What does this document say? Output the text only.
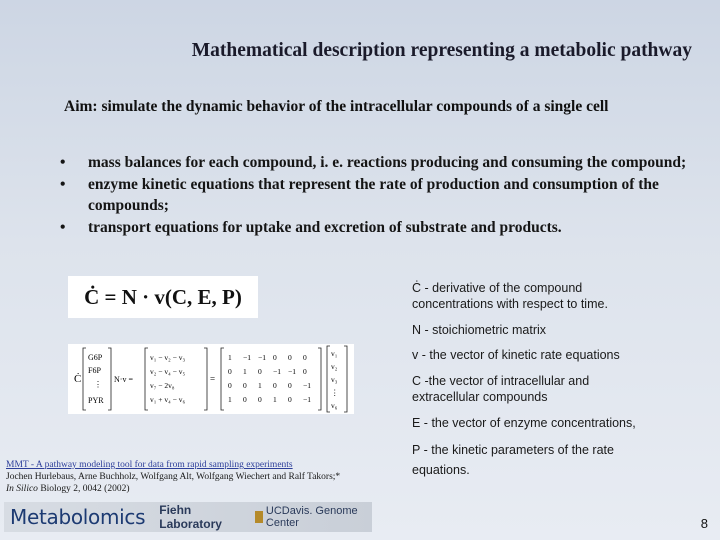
Mathematical description representing a metabolic pathway
Aim: simulate the dynamic behavior of the intracellular compounds of a single cell
• mass balances for each compound, i. e. reactions producing and consuming the compound;
• enzyme kinetic equations that represent the rate of production and consumption of the compounds;
• transport equations for uptake and excretion of substrate and products.
Ċ = N · v(C, E, P)
Ċ
G6P
F6P
⋮
PYR
N·v =
v₁ − v₂ − v₃
v₂ − v₄ − v₅
v₇ − 2v₈
v₁ + v₄ − v₆
=
1 −1 −1 0 0 0
0 1 0 −1 −1 0
0 0 1 0 0 −1
1 0 0 1 0 −1
v₁
v₂
v₃
⋮
v₆
Ċ - derivative of the compound concentrations with respect to time.
N - stoichiometric matrix
v - the vector of kinetic rate equations
C -the vector of intracellular and extracellular compounds
E - the vector of enzyme concentrations,
P - the kinetic parameters of the rate equations.
MMT - A pathway modeling tool for data from rapid sampling experiments
Jochen Hurlebaus, Arne Buchholz, Wolfgang Alt, Wolfgang Wiechert and Ralf Takors;*
In Silico Biology 2, 0042 (2002)
Metabolomics Fiehn Laboratory
UCDavis. Genome Center	8
